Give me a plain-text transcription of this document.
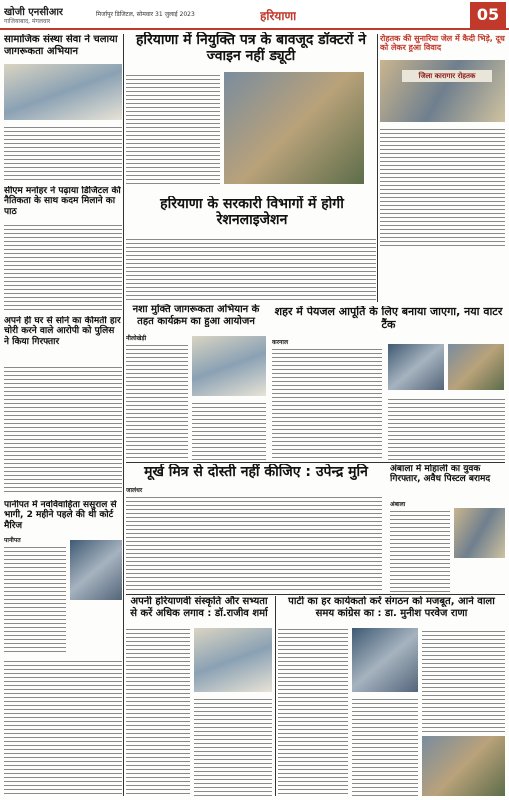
खोजी एनसीआर
गाजियाबाद, मंगलवार
मिर्जापुर डिजिटल, सोमवार 31 जुलाई 2023	हरियाणा	05
सामाजिक संस्था सेवा ने चलाया जागरूकता अभियान
हरियाणा में नियुक्ति पत्र के बावजूद डॉक्टरों ने ज्वाइन नहीं ड्यूटी
रोहतक की सुनारिया जेल में कैदी भिड़े, दूध को लेकर हुआ विवाद
जिला कारागार रोहतक
सीएम मनोहर ने पढ़ाया डिजिटल की नैतिकता के साथ कदम मिलाने का पाठ	हरियाणा के सरकारी विभागों में होगी रेशनलाइजेशन
अपने ही घर से सोने का कीमती हार चोरी करने वाले आरोपी को पुलिस ने किया गिरफ्तार
नशा मुक्ति जागरूकता अभियान के तहत कार्यक्रम का हुआ आयोजन
नीलोखेड़ी
शहर में पेयजल आपूर्ति के लिए बनाया जाएगा, नया वाटर टैंक
करनाल
पानीपत में नवविवाहिता ससुराल से भागी, 2 महीने पहले की थी कोर्ट मैरिज
पानीपत
मूर्ख मित्र से दोस्ती नहीं कीजिए : उपेन्द्र मुनि
जालंधर
अंबाला में मोहाली का युवक गिरफ्तार, अवैध पिस्टल बरामद
अंबाला
अपनी हरियाणवी संस्कृति और सभ्यता से करें अधिक लगाव : डॉ.राजीव शर्मा
पार्टी का हर कार्यकर्ता करें संगठन को मजबूत, आने वाला समय कांग्रेस का : डा. मुनीश परवेज राणा
